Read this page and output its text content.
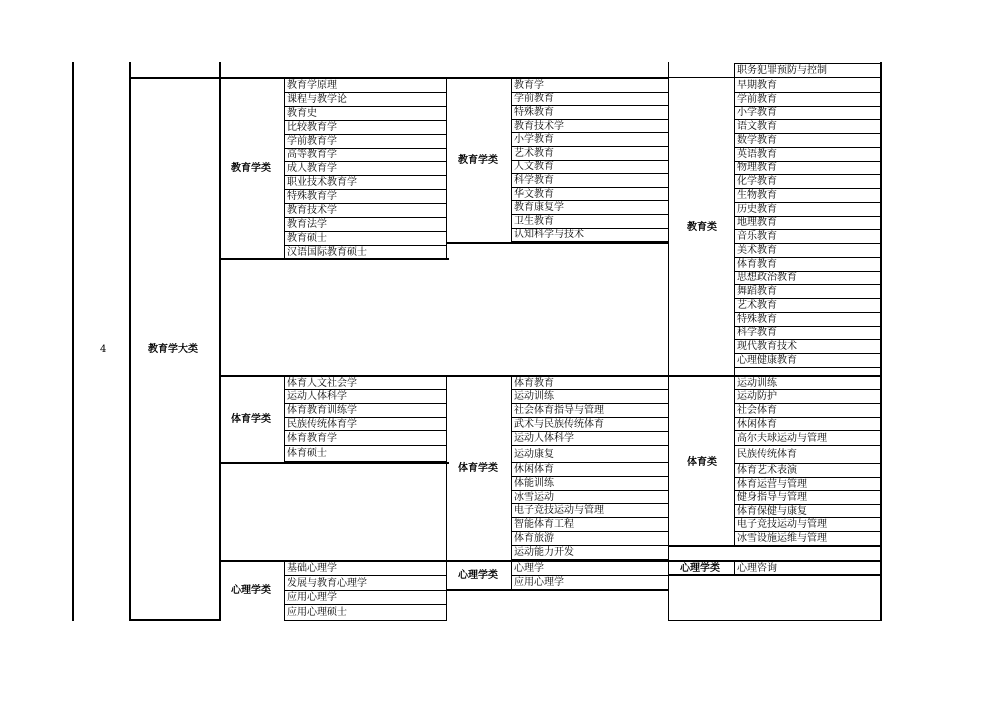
4	教育学大类
职务犯罪预防与控制
教育学原理
课程与教学论
教育史
比较教育学
学前教育学
高等教育学
成人教育学
职业技术教育学
特殊教育学
教育技术学
教育法学
教育硕士
汉语国际教育硕士
教育学类
教育学
学前教育
特殊教育
教育技术学
小学教育
艺术教育
人文教育
科学教育
华文教育
教育康复学
卫生教育
认知科学与技术
教育学类
早期教育
学前教育
小学教育
语文教育
数学教育
英语教育
物理教育
化学教育
生物教育
历史教育
地理教育
音乐教育
美术教育
体育教育
思想政治教育
舞蹈教育
艺术教育
特殊教育
科学教育
现代教育技术
心理健康教育
教育类
体育人文社会学
运动人体科学
体育教育训练学
民族传统体育学
体育教育学
体育硕士
体育学类
体育教育
运动训练
社会体育指导与管理
武术与民族传统体育
运动人体科学
运动康复
休闲体育
体能训练
冰雪运动
电子竞技运动与管理
智能体育工程
体育旅游
运动能力开发
体育学类
运动训练
运动防护
社会体育
休闲体育
高尔夫球运动与管理
民族传统体育
体育艺术表演
体育运营与管理
健身指导与管理
体育保健与康复
电子竞技运动与管理
冰雪设施运维与管理
体育类
基础心理学
发展与教育心理学
应用心理学
应用心理硕士
心理学类
心理学
应用心理学
心理学类
心理咨询
心理学类
